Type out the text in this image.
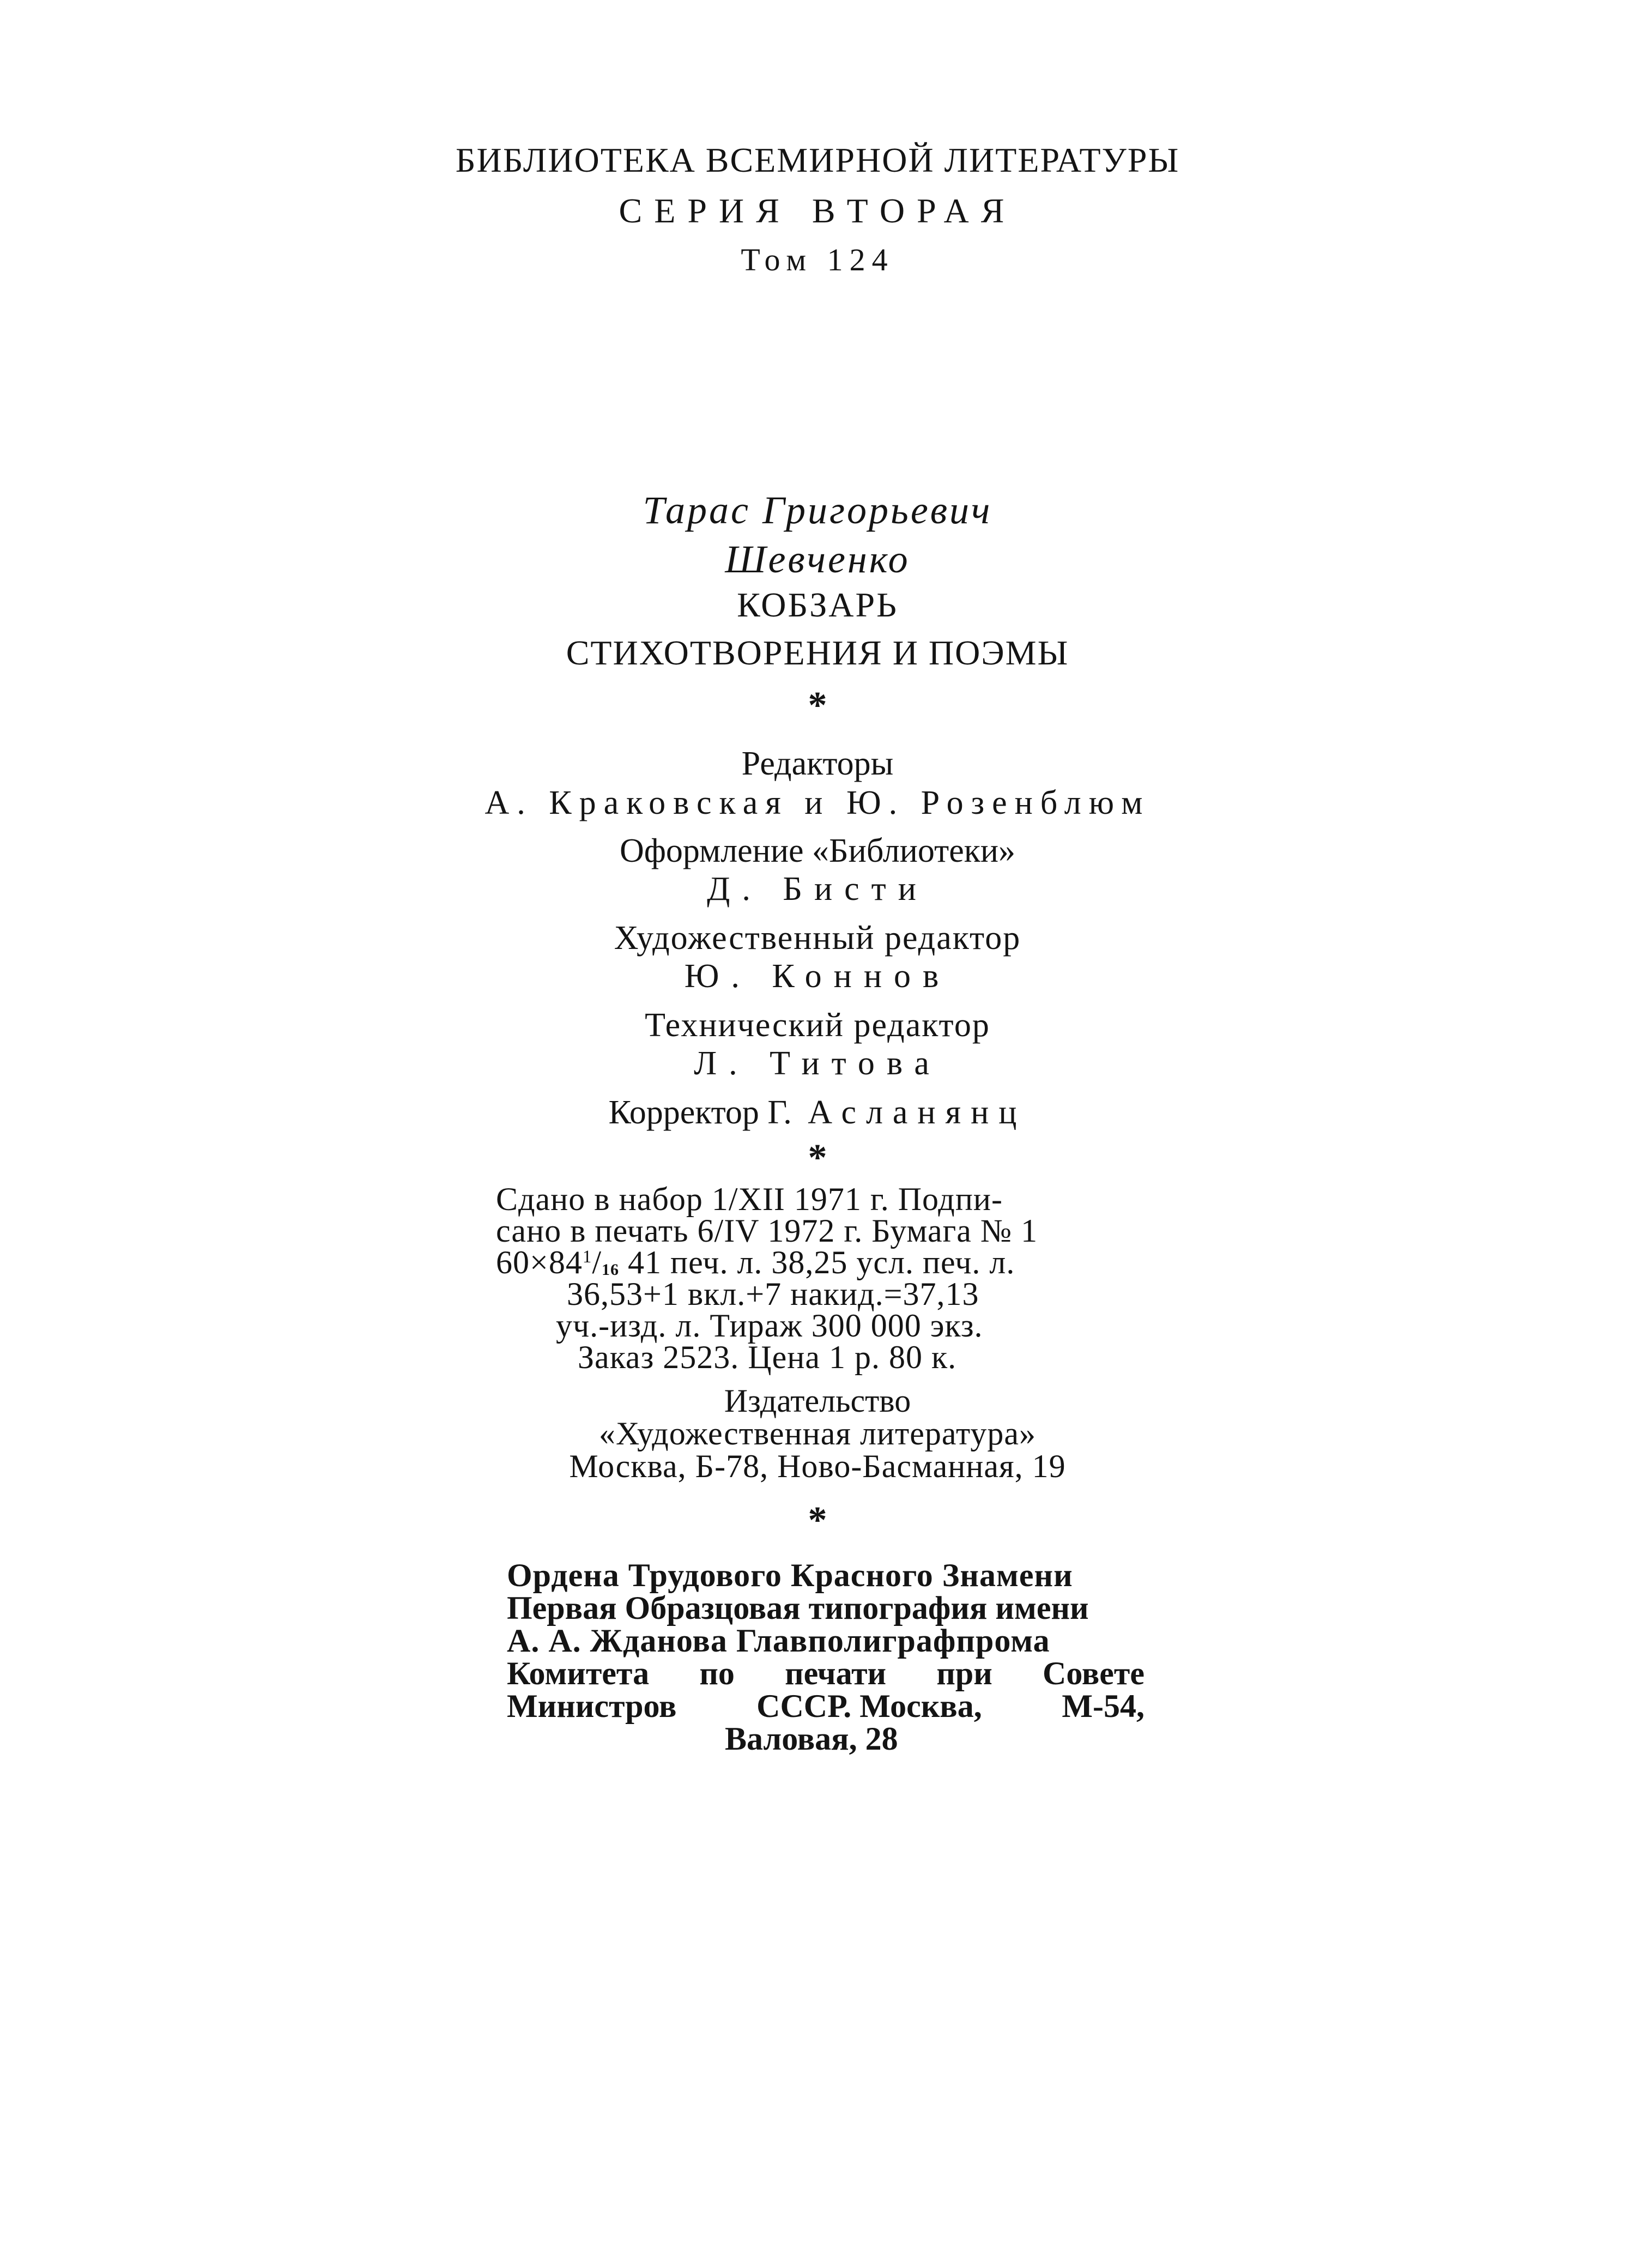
БИБЛИОТЕКА ВСЕМИРНОЙ ЛИТЕРАТУРЫ
СЕРИЯ ВТОРАЯ
Том 124
Тарас Григорьевич
Шевченко
КОБЗАРЬ
СТИХОТВОРЕНИЯ И ПОЭМЫ
*
Редакторы
А. Краковская и Ю. Розенблюм
Оформление «Библиотеки»
Д. Бисти
Художественный редактор
Ю. Коннов
Технический редактор
Л. Титова
Корректор Г. Асланянц
*
Сдано в набор 1/XII 1971 г. Подпи-
сано в печать 6/IV 1972 г. Бумага № 1
$60\times 84^1/16$ 41 печ. л. 38,25 усл. печ. л.
36,53+1 вкл.+7 накид.=37,13
уч.-изд. л. Тираж 300 000 экз.
Заказ 2523. Цена 1 р. 80 к.
Издательство
«Художественная литература»
Москва, Б-78, Ново-Басманная, 19
*
Ордена Трудового Красного Знамени
Первая Образцовая типография имени
А. А. Жданова Главполиграфпрома
Комитета по печати при Совете
Министров СССР. Москва, М-54,
Валовая, 28
